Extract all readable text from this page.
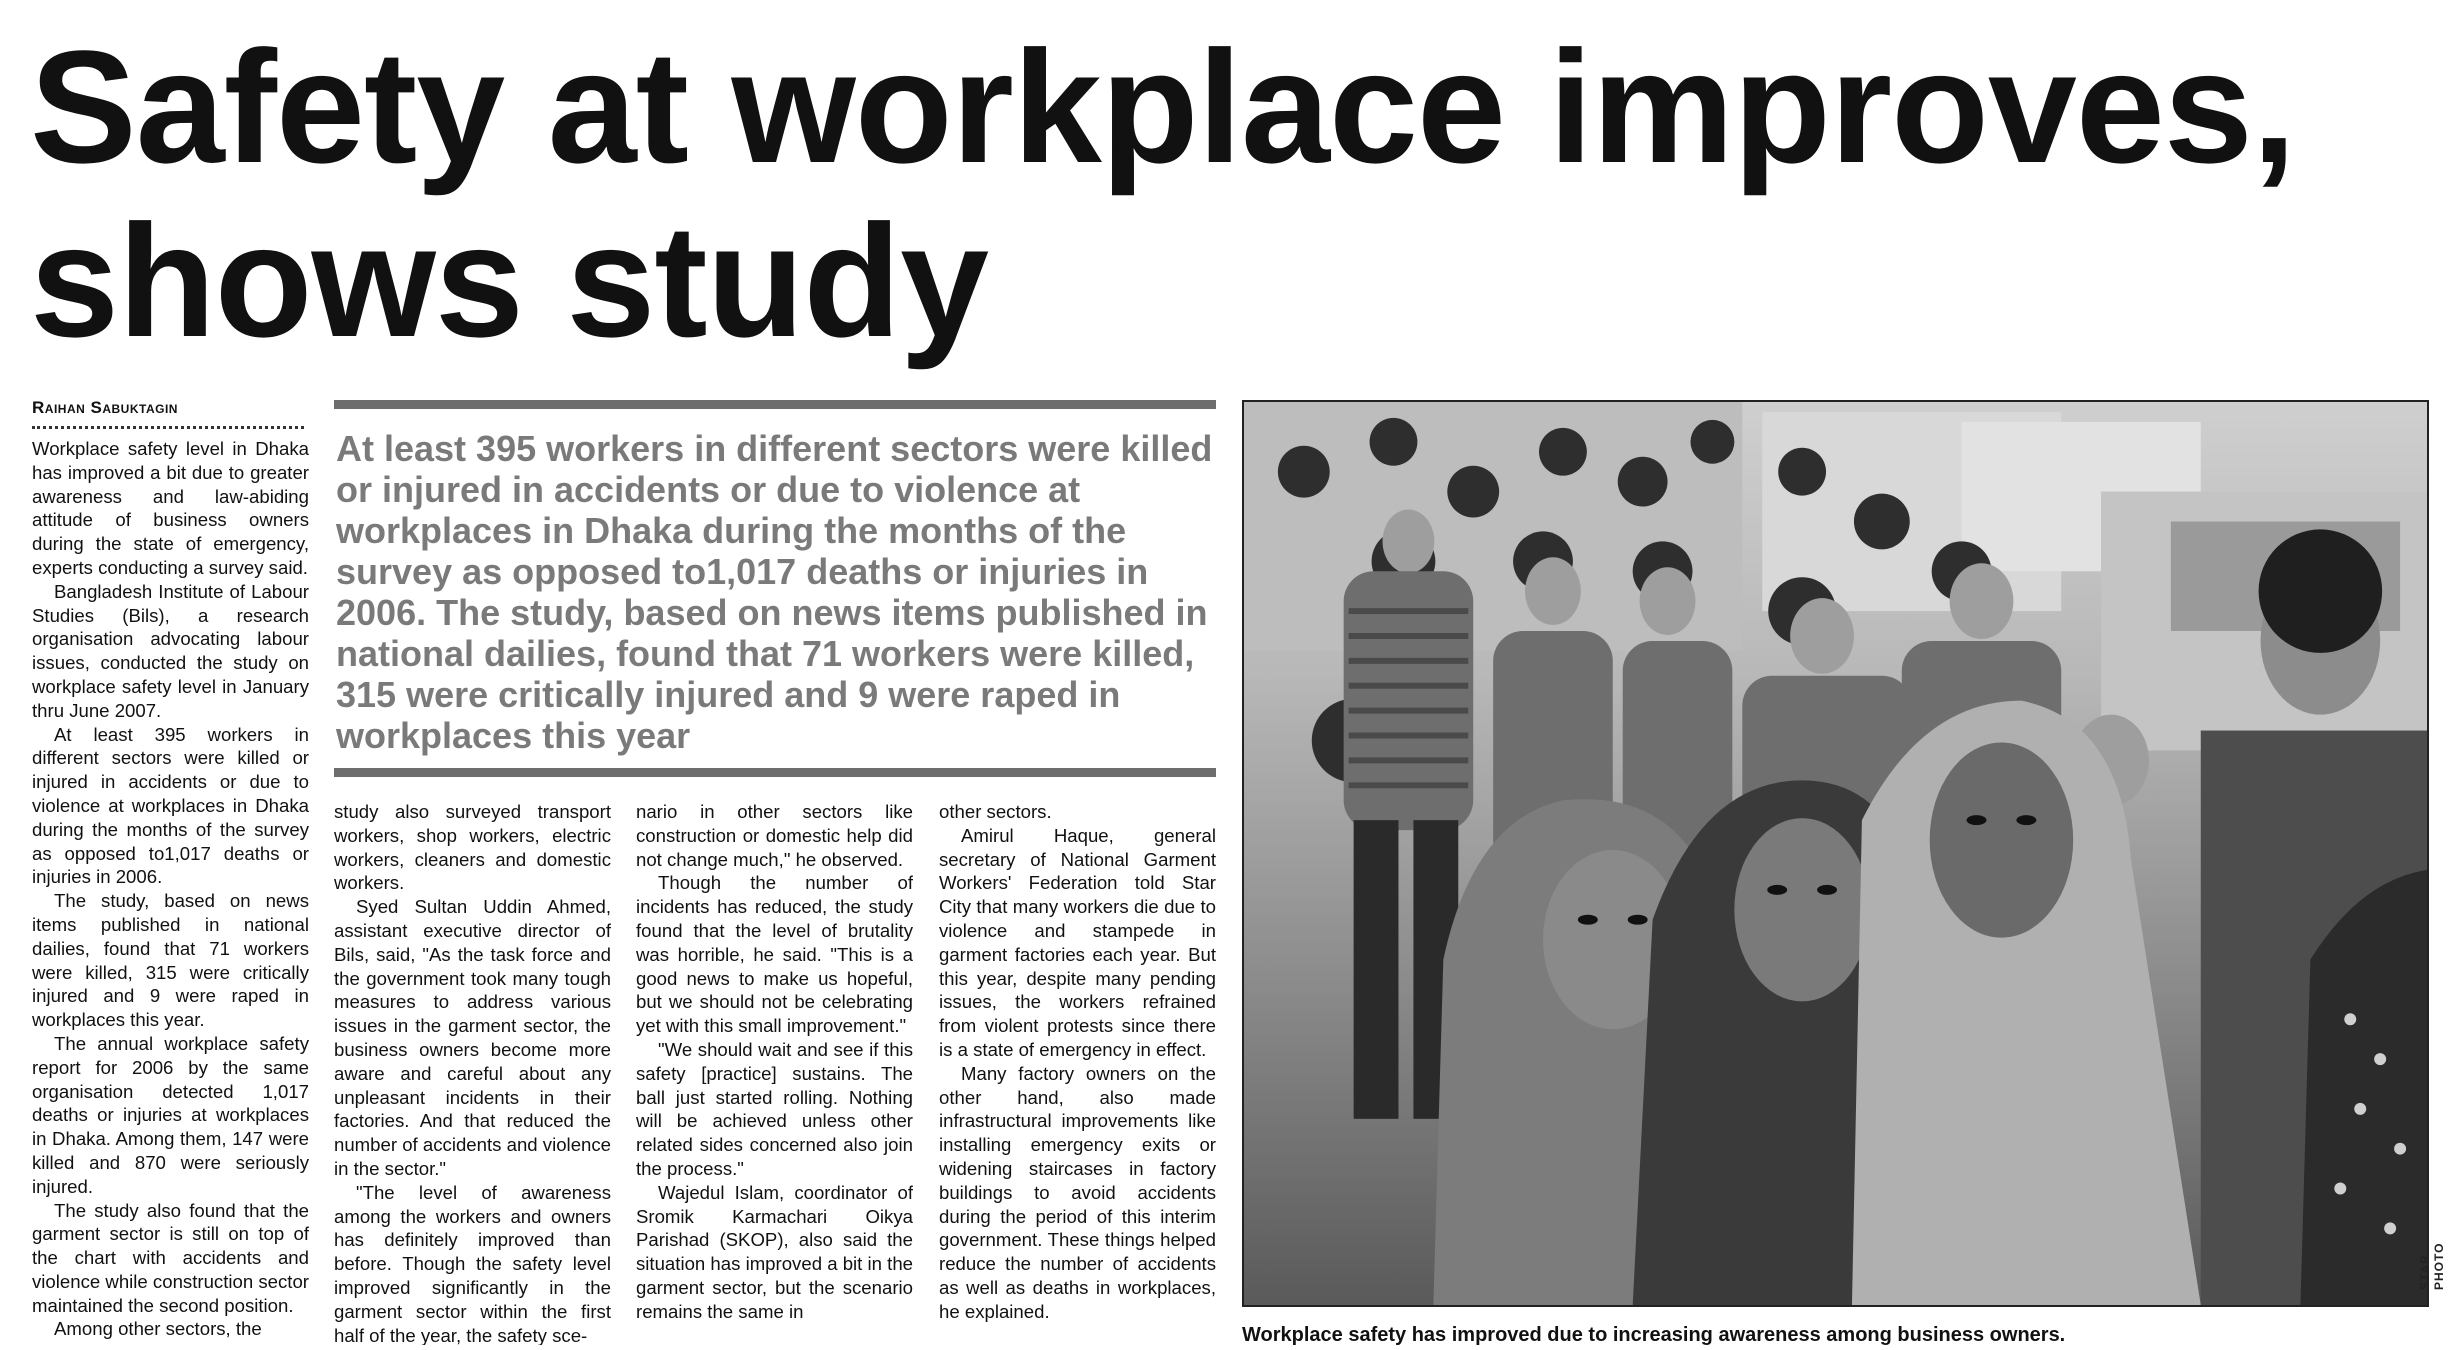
Safety at workplace improves, shows study
Raihan Sabuktagin
At least 395 workers in different sectors were killed or injured in accidents or due to violence at workplaces in Dhaka during the months of the survey as opposed to1,017 deaths or injuries in 2006. The study, based on news items published in national dailies, found that 71 workers were killed, 315 were critically injured and 9 were raped in workplaces this year

Workplace safety level in Dhaka has improved a bit due to greater awareness and law-abiding attitude of business owners during the state of emergency, experts conducting a survey said.

Bangladesh Institute of Labour Studies (Bils), a research organisation advocating labour issues, conducted the study on workplace safety level in January thru June 2007.

At least 395 workers in different sectors were killed or injured in accidents or due to violence at workplaces in Dhaka during the months of the survey as opposed to1,017 deaths or injuries in 2006.

The study, based on news items published in national dailies, found that 71 workers were killed, 315 were critically injured and 9 were raped in workplaces this year.

The annual workplace safety report for 2006 by the same organisation detected 1,017 deaths or injuries at workplaces in Dhaka. Among them, 147 were killed and 870 were seriously injured.

The study also found that the garment sector is still on top of the chart with accidents and violence while construction sector maintained the second position.

Among other sectors, the

study also surveyed transport workers, shop workers, electric workers, cleaners and domestic workers.

Syed Sultan Uddin Ahmed, assistant executive director of Bils, said, "As the task force and the government took many tough measures to address various issues in the garment sector, the business owners become more aware and careful about any unpleasant incidents in their factories. And that reduced the number of accidents and violence in the sector."

"The level of awareness among the workers and owners has definitely improved than before. Though the safety level improved significantly in the garment sector within the first half of the year, the safety sce-

nario in other sectors like construction or domestic help did not change much," he observed.

Though the number of incidents has reduced, the study found that the level of brutality was horrible, he said. "This is a good news to make us hopeful, but we should not be celebrating yet with this small improvement."

"We should wait and see if this safety [practice] sustains. The ball just started rolling. Nothing will be achieved unless other related sides concerned also join the process."

Wajedul Islam, coordinator of Sromik Karmachari Oikya Parishad (SKOP), also said the situation has improved a bit in the garment sector, but the scenario remains the same in

other sectors.

Amirul Haque, general secretary of National Garment Workers' Federation told Star City that many workers die due to violence and stampede in garment factories each year. But this year, despite many pending issues, the workers refrained from violent protests since there is a state of emergency in effect.

Many factory owners on the other hand, also made infrastructural improvements like installing emergency exits or widening staircases in factory buildings to avoid accidents during the period of this interim government. These things helped reduce the number of accidents as well as deaths in workplaces, he explained.

STAR PHOTO
Workplace safety has improved due to increasing awareness among business owners.
